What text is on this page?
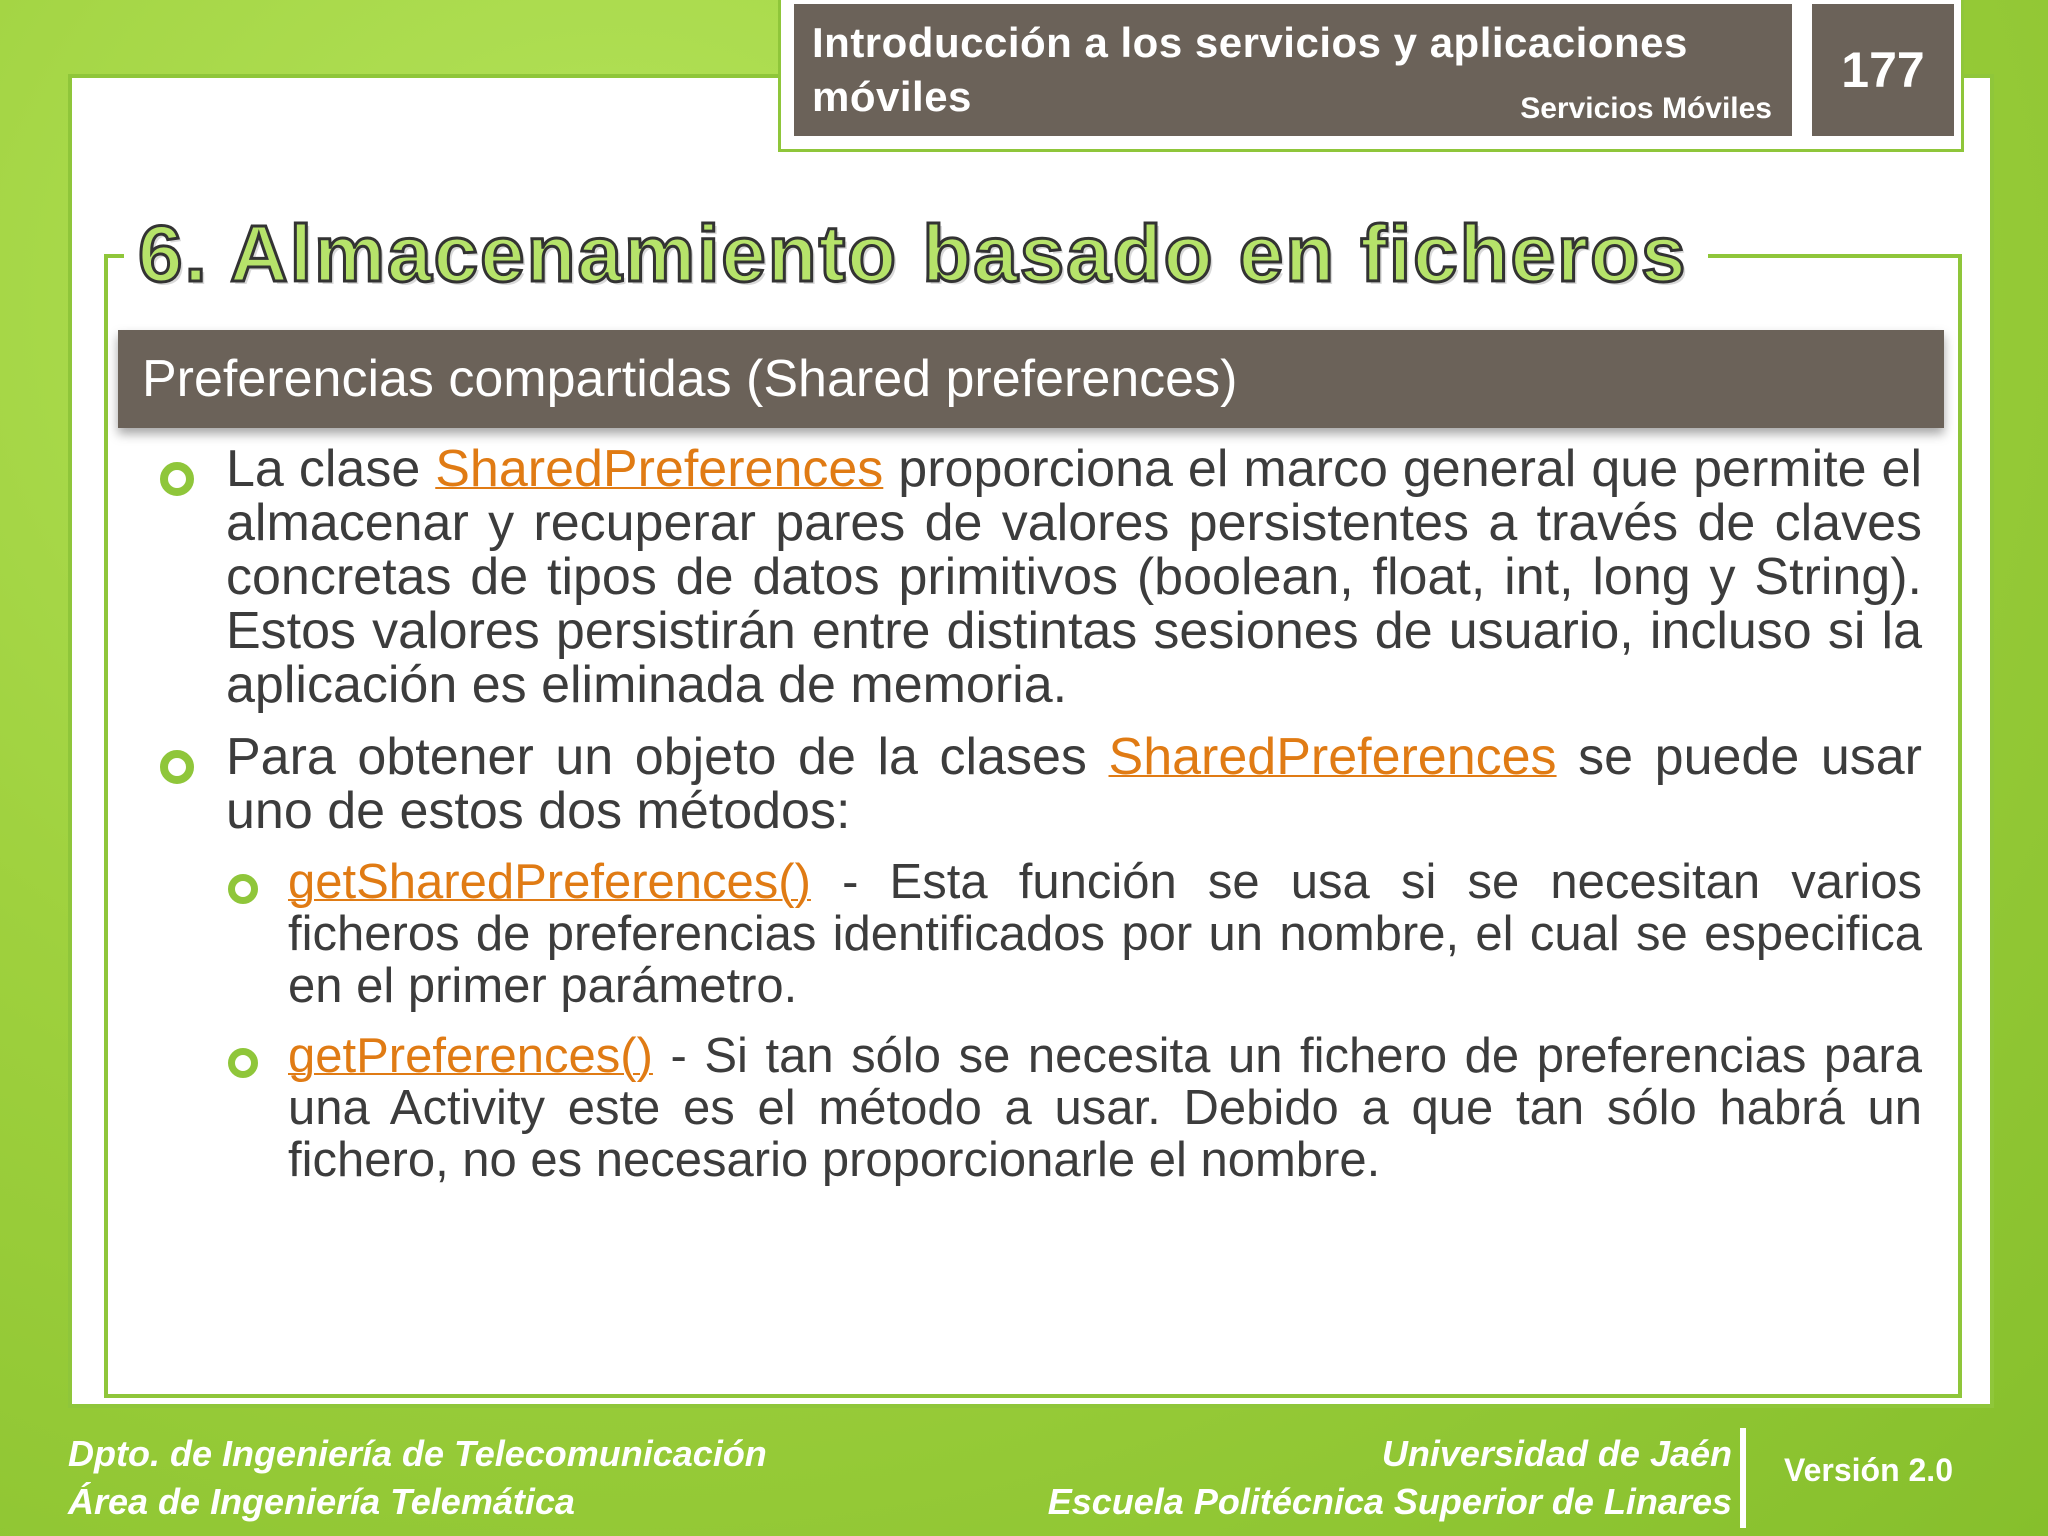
Introducción a los servicios y aplicaciones móviles	Servicios Móviles
177
6. Almacenamiento basado en ficheros
Preferencias compartidas (Shared preferences)
La clase SharedPreferences proporciona el marco general que permite el almacenar y recuperar pares de valores persistentes a través de claves concretas de tipos de datos primitivos (boolean, float, int, long y String). Estos valores persistirán entre distintas sesiones de usuario, incluso si la aplicación es eliminada de memoria.
Para obtener un objeto de la clases SharedPreferences se puede usar uno de estos dos métodos:
getSharedPreferences() - Esta función se usa si se necesitan varios ficheros de preferencias identificados por un nombre, el cual se especifica en el primer parámetro.
getPreferences() - Si tan sólo se necesita un fichero de preferencias para una Activity este es el método a usar. Debido a que tan sólo habrá un fichero, no es necesario proporcionarle el nombre.
Dpto. de Ingeniería de Telecomunicación
Área de Ingeniería Telemática
Universidad de Jaén
Escuela Politécnica Superior de Linares
Versión 2.0
